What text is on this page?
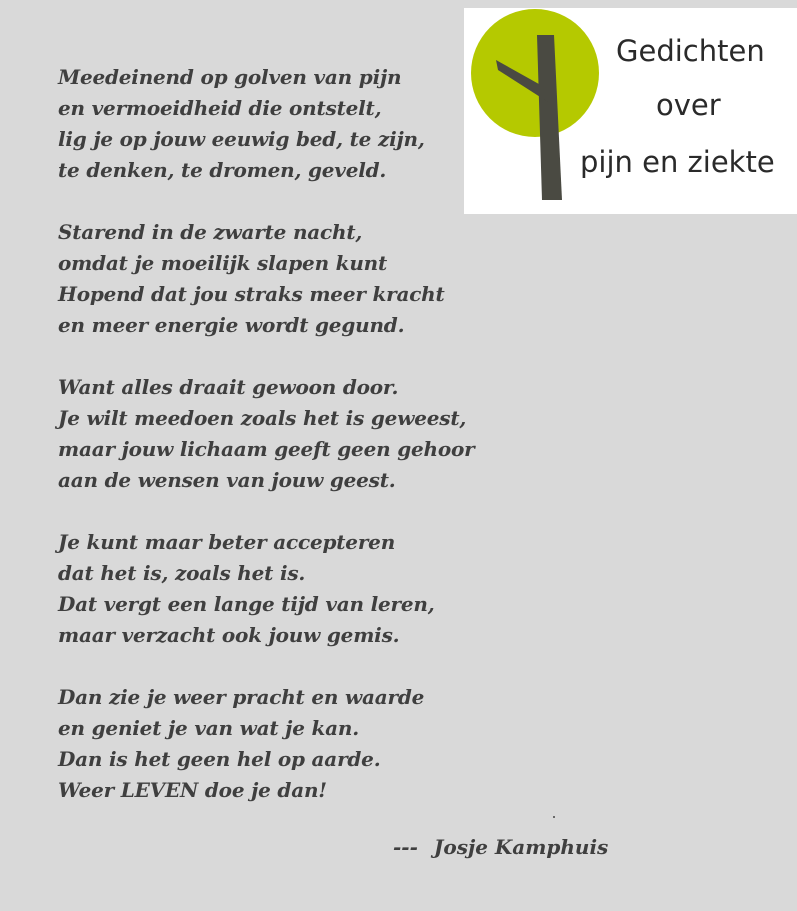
Gedichten
over
pijn en ziekte
Meedeinend op golven van pijn
en vermoeidheid die ontstelt,
lig je op jouw eeuwig bed, te zijn,
te denken, te dromen, geveld.
Starend in de zwarte nacht,
omdat je moeilijk slapen kunt
Hopend dat jou straks meer kracht
en meer energie wordt gegund.
Want alles draait gewoon door.
Je wilt meedoen zoals het is geweest,
maar jouw lichaam geeft geen gehoor
aan de wensen van jouw geest.
Je kunt maar beter accepteren
dat het is, zoals het is.
Dat vergt een lange tijd van leren,
maar verzacht ook jouw gemis.
Dan zie je weer pracht en waarde
en geniet je van wat je kan.
Dan is het geen hel op aarde.
Weer LEVEN doe je dan!
--- Josje Kamphuis
